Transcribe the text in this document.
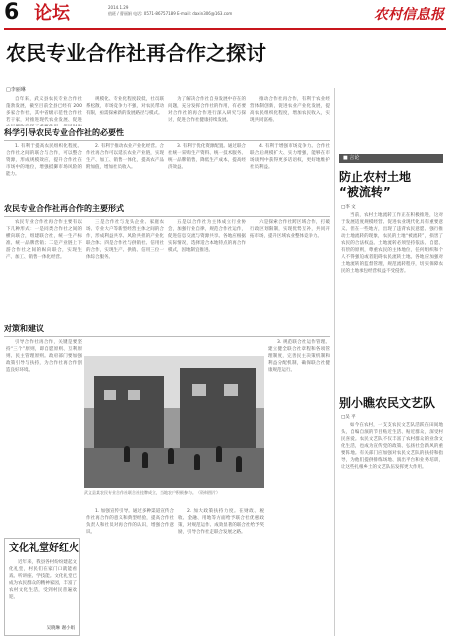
6 论坛	2014.1.29
值班 / 曹丽娟 电话: 0571-86757189 E-mail: daxin306@163.com	农村信息报
农民专业合作社再合作之探讨
□李丽琳

自年来，武义县农民专业合作社蓬勃发展，截至目前全县已经有 200 多家合作社，其中省级示范性合作社若干家，对推进现代农业发展、促进

规模化、专业化程度较低，社员联系松散，市场竞争力不强，对农民带动有限，亟需探索新的发展路径与模式。

为了解决合作社自身发展中存在的问题，充分发挥合作社的作用，有必要对合作社的再合作进行深入研究与探讨，促进合作社健康持续发展。

推动合作社再合作，有利于农业经营体制创新，促进农业产业化发展，提高农民组织化程度，增加农民收入，实现共同富裕。

科学引导农民专业合作社的必要性

1. 有利于提高农民组织化程度。合作社之间的联合与合作，可以整合资源，形成规模效应，提升合作社在市场中的地位，增强抵御市场风险的能力。

2. 有利于推动农业产业化经营。合作社再合作可以延长农业产业链，实现生产、加工、销售一体化，提高农产品附加值，增加社员收入。

3. 有利于优化资源配置。通过联合社统一采购生产资料、统一技术服务、统一品牌销售，降低生产成本，提高经济效益。

4. 有利于增强市场竞争力。合作社联合后规模扩大、实力增强，能够在市场谈判中获得更多话语权，更好地维护社员利益。

农民专业合作社再合作的主要形式

农民专业合作社再合作主要有以下几种形式：一是同类合作社之间的横向联合，组建联合社，统一生产标准、统一品牌营销；二是产业链上下游合作社之间的纵向联合，实现生产、加工、销售一体化经营。

三是合作社与龙头企业、家庭农场、专业大户等新型经营主体之间的合作，形成利益共享、风险共担的产业化联合体；四是合作社与供销社、信用社的合作，实现生产、供销、信用三位一体综合服务。

五是以合作社为主体成立行业协会，加强行业自律，规范合作社运作，促进信息交流与资源共享。各地应根据实际情况，选择适合本地特点的再合作模式，因地制宜推进。

六是探索合作社跨区域合作，打破行政区划限制，实现优势互补，共同开拓市场，提升区域农业整体竞争力。

对策和建议

引导合作社再合作，关键是要坚持“三个”原则，即自愿原则、互利原则、民主管理原则。政府部门要加强政策引导与扶持，为合作社再合作创造良好环境。

3. 规范联合社运作管理。建立健全联合社章程和各项管理制度，完善民主决策机制和利益分配机制，确保联合社健康规范运行。

1. 加强宣传引导。通过多种渠道宣传合作社再合作的意义和典型经验，提高合作社负责人和社员对再合作的认识，增强合作意识。

2. 加大政策扶持力度。在财政、税收、金融、用地等方面给予联合社优惠政策，对规范运作、成效显著的联合社给予奖励，引导合作社走联合发展之路。

武义县某农民专业合作社联合社挂牌成立，当地农户积极参与。（资料图片）
文化礼堂好红火

近年来，我县各村纷纷建起文化礼堂，村民们在家门口就能看戏、听讲座、学技能。文化礼堂已成为农民群众的精神家园，丰富了农村文化生活，受到村民普遍欢迎。

吴晓琳 谢小娟
■ 言论
防止农村土地
“被流转”
□李 文

当前，农村土地流转工作正在积极推进，这对于发展适度规模经营、促进农业现代化具有重要意义。但在一些地方，出现了违背农民意愿、强行推动土地流转的现象，农民的土地“被流转”，损害了农民的合法权益。土地流转必须坚持依法、自愿、有偿的原则，尊重农民的主体地位，任何组织和个人不得强迫或者阻碍农民流转土地。各地应加强对土地流转的监督管理，规范流转程序，切实保障农民的土地承包经营权益不受侵害。

别小瞧农民文艺队
□吴 平

如今在农村，一支支农民文艺队活跃在田间地头，自编自演的节目贴近生活、贴近群众，深受村民喜爱。农民文艺队不仅丰富了农村群众的业余文化生活，也成为宣传党的政策、弘扬社会新风的重要阵地。有关部门应加强对农民文艺队的扶持和指导，为他们提供排练场地、演出平台和业务培训，让这些扎根乡土的文艺队伍发挥更大作用。
